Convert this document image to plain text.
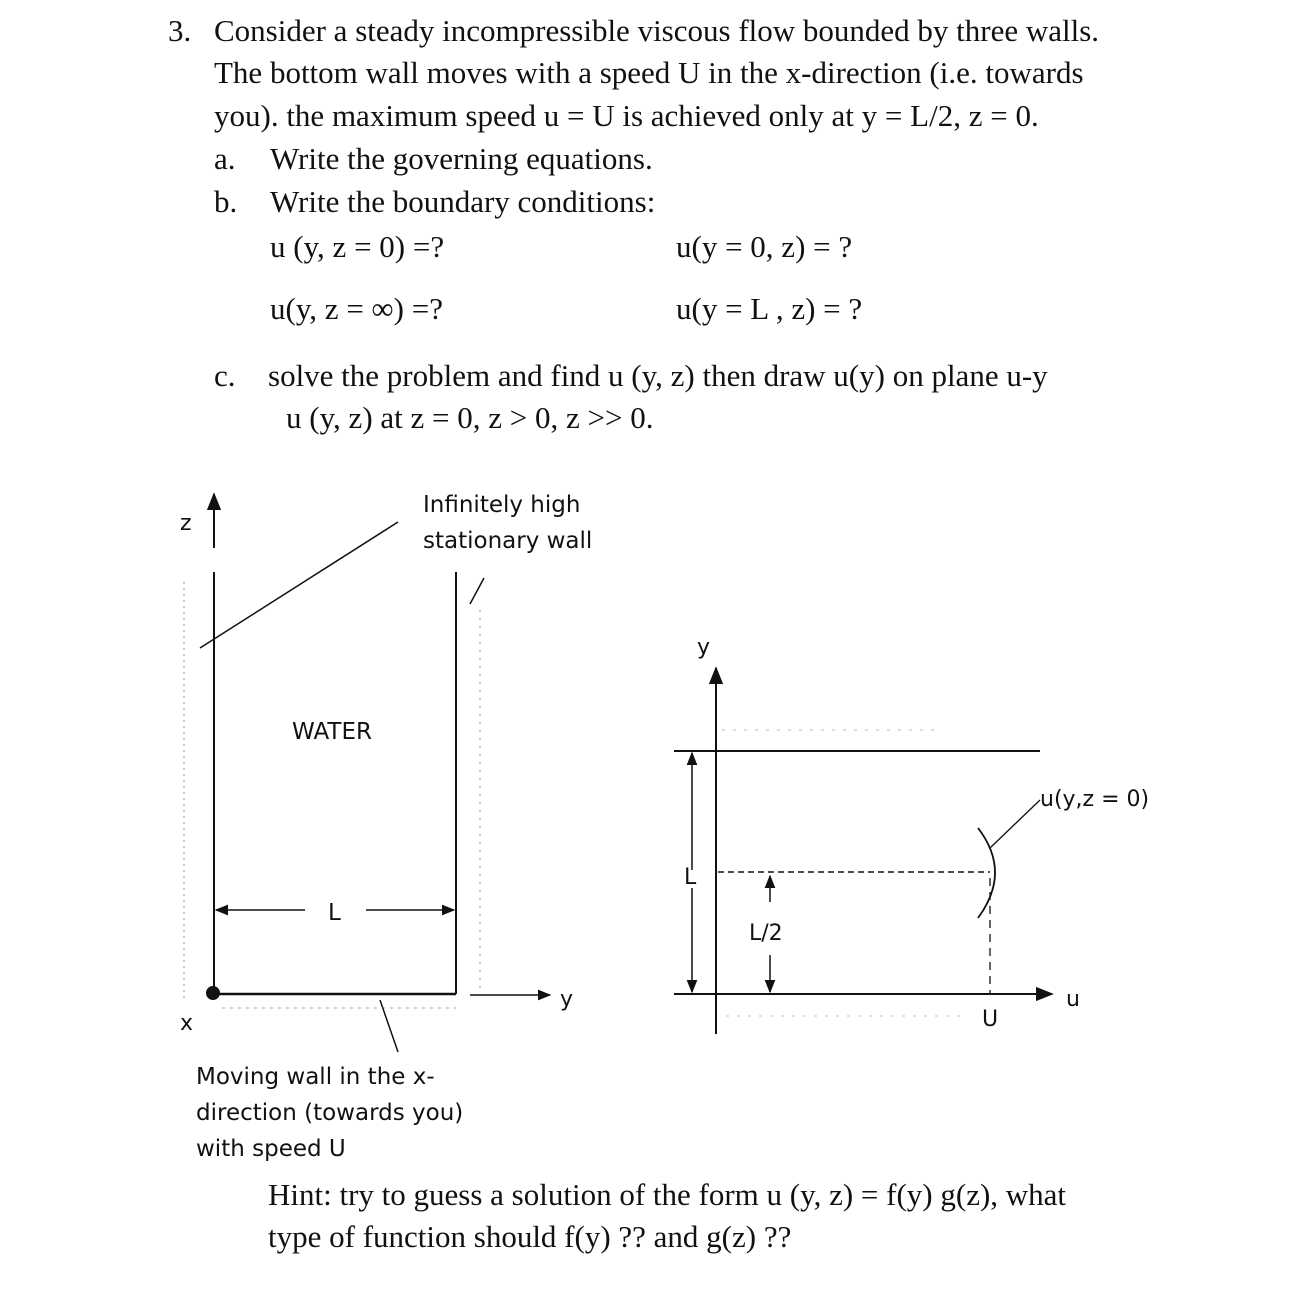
3. Consider a steady incompressible viscous flow bounded by three walls.
The bottom wall moves with a speed U in the x-direction (i.e. towards
you). the maximum speed u = U is achieved only at y = L/2, z = 0.
a. Write the governing equations.
b. Write the boundary conditions:
u (y, z = 0) =?	u(y = 0, z) = ?
u(y, z = ∞) =?	u(y = L , z) = ?
c. solve the problem and find u (y, z) then draw u(y) on plane u-y
u (y, z) at z = 0, z > 0, z >> 0.
z
Infinitely high
stationary wall
WATER
L
x
y
Moving wall in the x-
direction (towards you)
with speed U
y
u
L
L/2
u(y,z = 0)
U
Hint: try to guess a solution of the form u (y, z) = f(y) g(z), what
type of function should f(y) ?? and g(z) ??
